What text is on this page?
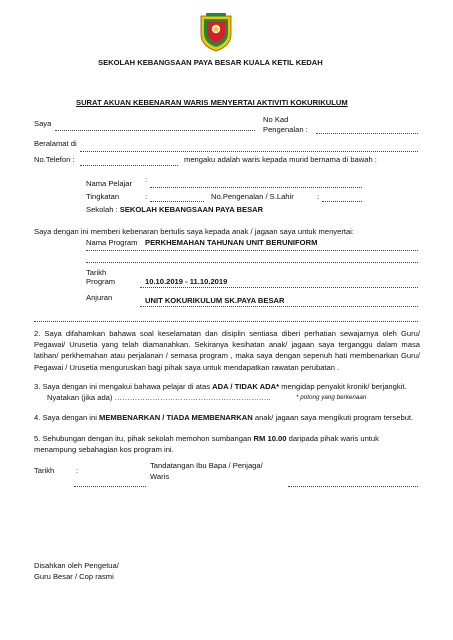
SEKOLAH KEBANGSAAN PAYA BESAR KUALA KETIL KEDAH
SURAT AKUAN KEBENARAN WARIS MENYERTAI AKTIVITI KOKURIKULUM
Saya	No Kad
Pengenalan :
Beralamat di
No.Telefon :	mengaku adalah waris kepada murid bernama di bawah :
Nama Pelajar :
Tingkatan	:	No.Pengenalan / S.Lahir	:
Sekolah : SEKOLAH KEBANGSAAN PAYA BESAR
Saya dengan ini memberi kebenaran bertulis saya kepada anak / jagaan saya untuk menyertai:
Nama Program PERKHEMAHAN TAHUNAN UNIT BERUNIFORM
Tarikh
Program	10.10.2019 - 11.10.2019
Anjuran	UNIT KOKURIKULUM SK.PAYA BESAR
2. Saya difahamkan bahawa soal keselamatan dan disiplin sentiasa diberi perhatian sewajarnya oleh Guru/ Pegawai/ Urusetia yang telah diamanahkan. Sekiranya kesihatan anak/ jagaan saya terganggu dalam masa latihan/ perkhemahan atau perjalanan / semasa program , maka saya dengan sepenuh hati membenarkan Guru/ Pegawai / Urusetia menguruskan bagi pihak saya untuk mendapatkan rawatan perubatan .
3. Saya dengan ini mengakui bahawa pelajar di atas ADA / TIDAK ADA* mengidap penyakit kronik/ berjangkit.
Nyatakan (jika ada) ……………………………………………………..	* potong yang berkenaan
4. Saya dengan ini MEMBENARKAN / TIADA MEMBENARKAN anak/ jagaan saya mengikuti program tersebut.
5. Sehubungan dengan itu, pihak sekolah memohon sumbangan RM 10.00 daripada pihak waris untuk menampung sebahagian kos program ini.
Tarikh	:
Tandatangan Ibu Bapa / Penjaga/
Waris
Disahkan oleh Pengetua/
Guru Besar / Cop rasmi
